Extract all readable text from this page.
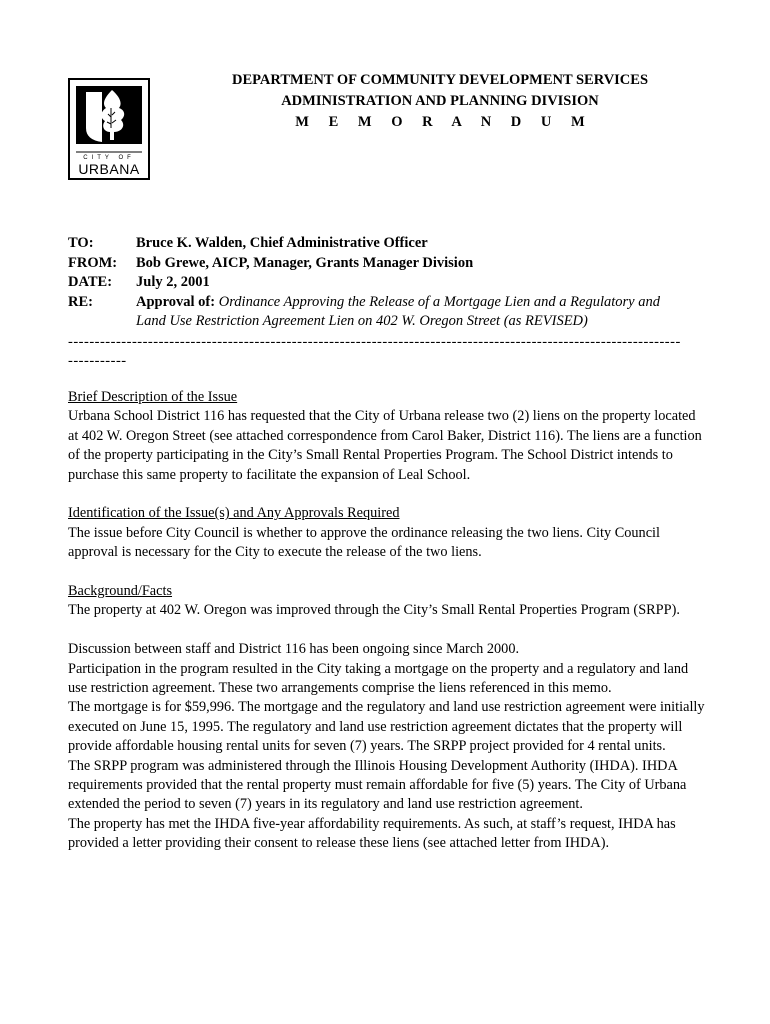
CITY OF
URBANA
DEPARTMENT OF COMMUNITY DEVELOPMENT SERVICES
ADMINISTRATION AND PLANNING DIVISION
M E M O R A N D U M
TO:	Bruce K. Walden, Chief Administrative Officer
FROM: Bob Grewe, AICP, Manager, Grants Manager Division
DATE: July 2, 2001
RE:	Approval of: Ordinance Approving the Release of a Mortgage Lien and a Regulatory and
Land Use Restriction Agreement Lien on 402 W. Oregon Street (as REVISED)
-------------------------------------------------------------------------------------------------------------------
-----------
Brief Description of the Issue

Urbana School District 116 has requested that the City of Urbana release two (2) liens on the property located at 402 W. Oregon Street (see attached correspondence from Carol Baker, District 116). The liens are a function of the property participating in the City’s Small Rental Properties Program. The School District intends to purchase this same property to facilitate the expansion of Leal School.

Identification of the Issue(s) and Any Approvals Required

The issue before City Council is whether to approve the ordinance releasing the two liens. City Council approval is necessary for the City to execute the release of the two liens.

Background/Facts

The property at 402 W. Oregon was improved through the City’s Small Rental Properties Program (SRPP).

Discussion between staff and District 116 has been ongoing since March 2000.

Participation in the program resulted in the City taking a mortgage on the property and a regulatory and land use restriction agreement. These two arrangements comprise the liens referenced in this memo.

The mortgage is for $59,996. The mortgage and the regulatory and land use restriction agreement were initially executed on June 15, 1995. The regulatory and land use restriction agreement dictates that the property will provide affordable housing rental units for seven (7) years. The SRPP project provided for 4 rental units.

The SRPP program was administered through the Illinois Housing Development Authority (IHDA). IHDA requirements provided that the rental property must remain affordable for five (5) years. The City of Urbana extended the period to seven (7) years in its regulatory and land use restriction agreement.

The property has met the IHDA five-year affordability requirements. As such, at staff’s request, IHDA has provided a letter providing their consent to release these liens (see attached letter from IHDA).
